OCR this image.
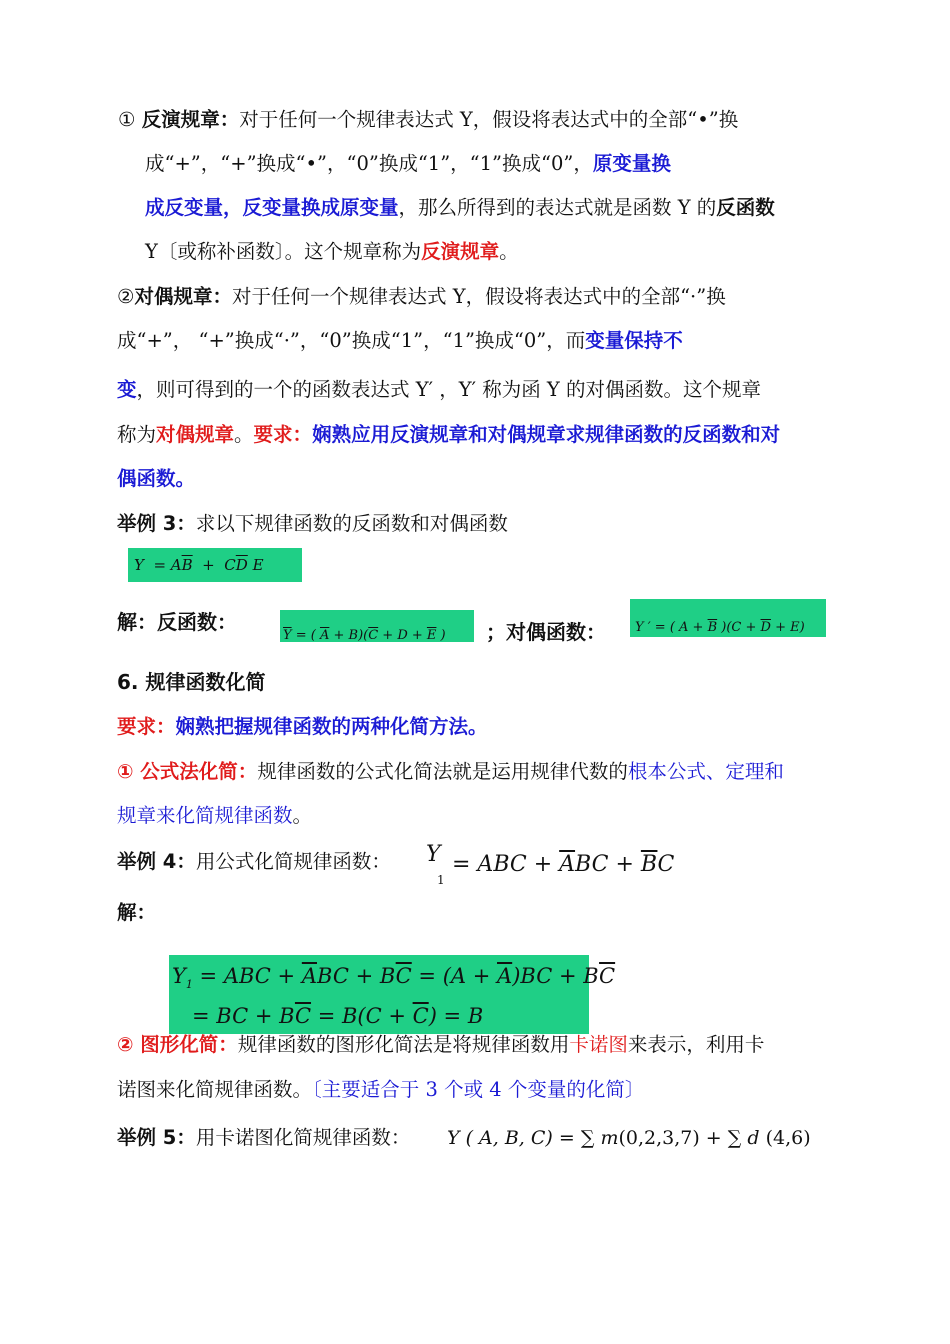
① 反演规章：对于任何一个规律表达式 Y，假设将表达式中的全部“•”换
成“+”，“+”换成“•”，“0”换成“1”，“1”换成“0”，原变量换
成反变量，反变量换成原变量，那么所得到的表达式就是函数 Y 的反函数
Y〔或称补函数〕。这个规章称为反演规章。
②对偶规章：对于任何一个规律表达式 Y，假设将表达式中的全部“·”换
成“+”， “+”换成“·”，“0”换成“1”，“1”换成“0”，而变量保持不
变，则可得到的一个的函数表达式 Y′ ，Y′ 称为函 Y 的对偶函数。这个规章
称为对偶规章。要求：娴熟应用反演规章和对偶规章求规律函数的反函数和对
偶函数。
举例 3：求以下规律函数的反函数和对偶函数
$Y = A\overline{B} + C\overline{D}$ E
解：反函数：
$\overline{Y}$ = ( $\overline{A} + B)(\overline{C} + D + \overline{E}$ ) ；对偶函数： Y ′ = ( $A + \overline{B}$ )$(C + \overline{D} + E)$
6. 规律函数化简
要求：娴熟把握规律函数的两种化简方法。
① 公式法化简：规律函数的公式化简法就是运用规律代数的根本公式、定理和
规章来化简规律函数。
举例 4：用公式化简规律函数： Y
1
= ABC + $\overline{A}BC + \overline{B}C$
解：
$Y_1$ = ABC + $\overline{A}BC + B\overline{C} = (A + \overline{A})BC + B\overline{C}$
= BC + $B\overline{C} = B(C + \overline{C}) = B$
② 图形化简：规律函数的图形化简法是将规律函数用卡诺图来表示，利用卡
诺图来化简规律函数。〔主要适合于 3 个或 4 个变量的化简〕
举例 5：用卡诺图化简规律函数： Y ( A, B, C) = ∑ m(0,2,3,7) + ∑ d (4,6)
